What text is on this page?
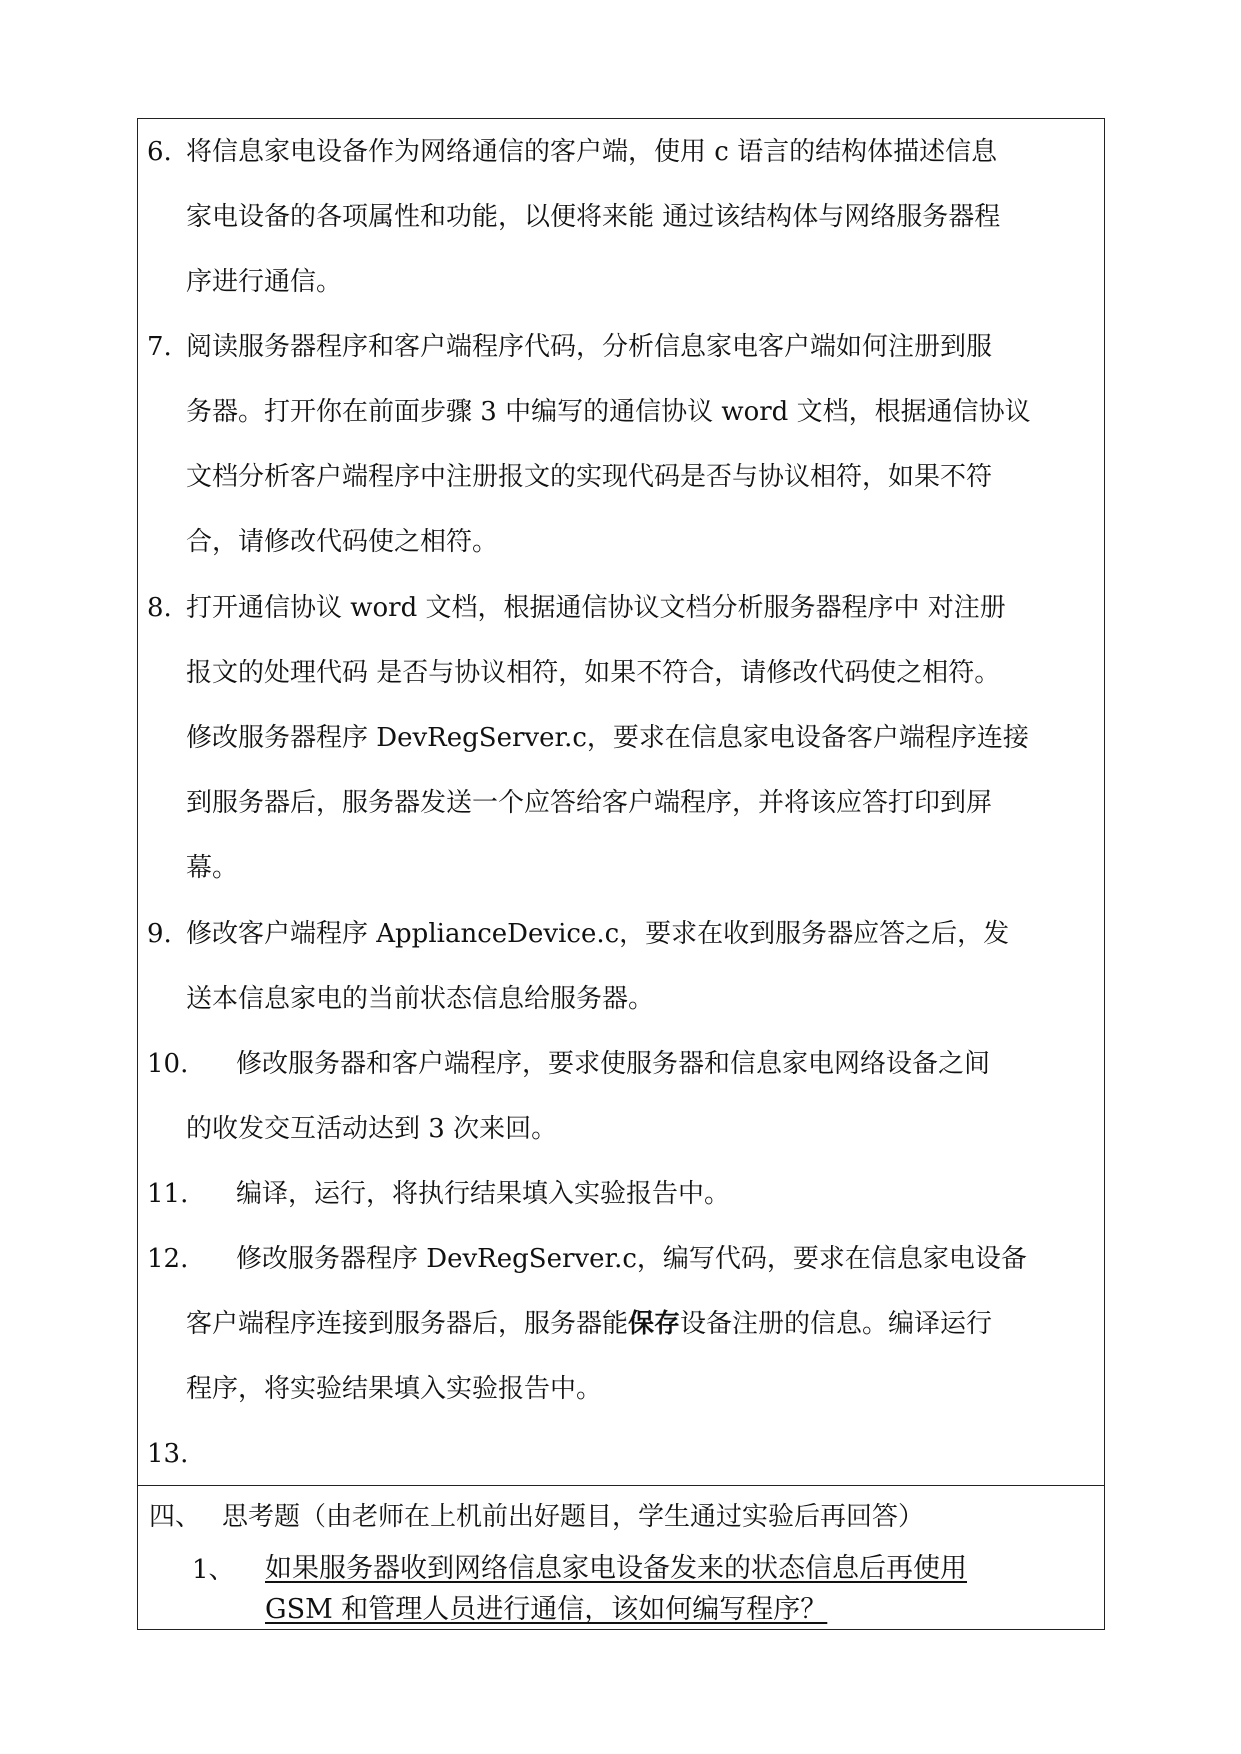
6. 将信息家电设备作为网络通信的客户端，使用 c 语言的结构体描述信息
家电设备的各项属性和功能，以便将来能 通过该结构体与网络服务器程
序进行通信。
7. 阅读服务器程序和客户端程序代码，分析信息家电客户端如何注册到服
务器。打开你在前面步骤 3 中编写的通信协议 word 文档，根据通信协议
文档分析客户端程序中注册报文的实现代码是否与协议相符，如果不符
合，请修改代码使之相符。
8. 打开通信协议 word 文档，根据通信协议文档分析服务器程序中 对注册
报文的处理代码 是否与协议相符，如果不符合，请修改代码使之相符。
修改服务器程序 DevRegServer.c，要求在信息家电设备客户端程序连接
到服务器后，服务器发送一个应答给客户端程序，并将该应答打印到屏
幕。
9. 修改客户端程序 ApplianceDevice.c，要求在收到服务器应答之后，发
送本信息家电的当前状态信息给服务器。
10. 修改服务器和客户端程序，要求使服务器和信息家电网络设备之间
的收发交互活动达到 3 次来回。
11. 编译，运行，将执行结果填入实验报告中。
12. 修改服务器程序 DevRegServer.c，编写代码，要求在信息家电设备
客户端程序连接到服务器后，服务器能保存设备注册的信息。编译运行
程序，将实验结果填入实验报告中。
13.
四、 思考题（由老师在上机前出好题目，学生通过实验后再回答）
1、 如果服务器收到网络信息家电设备发来的状态信息后再使用
GSM 和管理人员进行通信，该如何编写程序？
